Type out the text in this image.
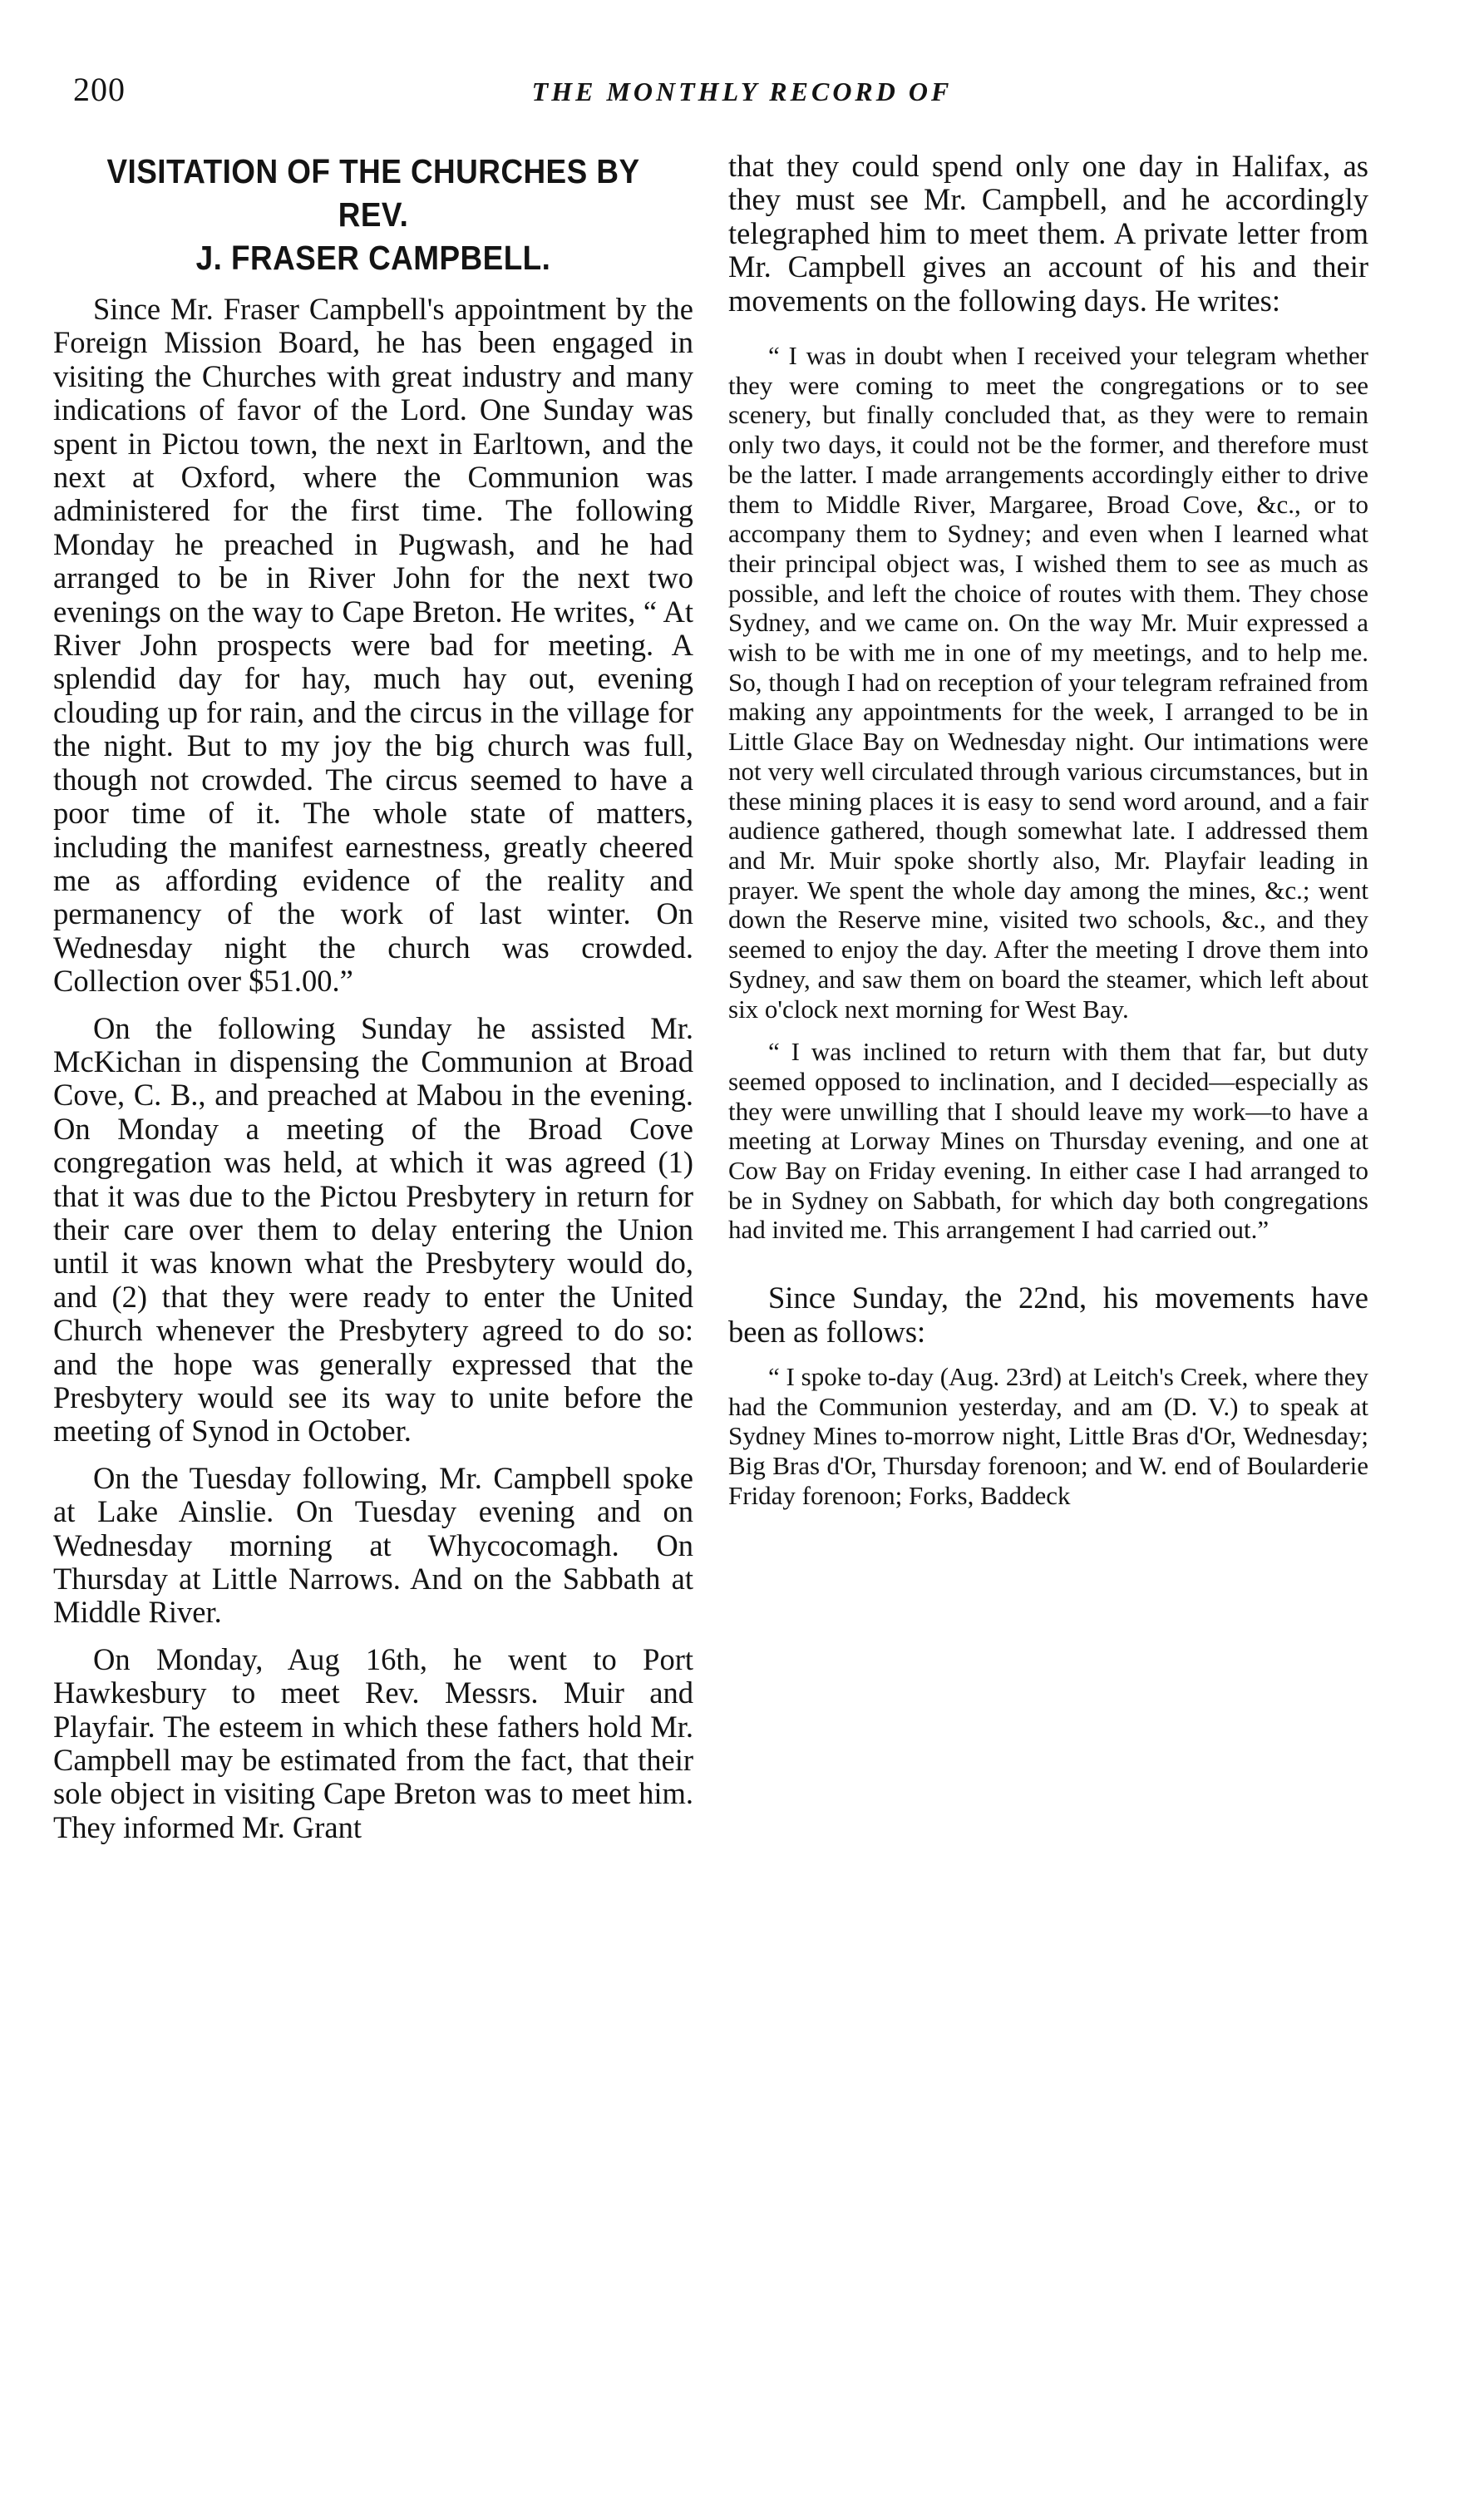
200	THE MONTHLY RECORD OF
VISITATION OF THE CHURCHES BY REV.
J. FRASER CAMPBELL.

Since Mr. Fraser Campbell's appointment by the Foreign Mission Board, he has been engaged in visiting the Churches with great industry and many indications of favor of the Lord. One Sunday was spent in Pictou town, the next in Earltown, and the next at Oxford, where the Communion was administered for the first time. The following Monday he preached in Pugwash, and he had arranged to be in River John for the next two evenings on the way to Cape Breton. He writes, “ At River John prospects were bad for meeting. A splendid day for hay, much hay out, evening clouding up for rain, and the circus in the village for the night. But to my joy the big church was full, though not crowded. The circus seemed to have a poor time of it. The whole state of matters, including the manifest earnestness, greatly cheered me as affording evidence of the reality and permanency of the work of last winter. On Wednesday night the church was crowded. Collection over $51.00.”

On the following Sunday he assisted Mr. McKichan in dispensing the Communion at Broad Cove, C. B., and preached at Mabou in the evening. On Monday a meeting of the Broad Cove congregation was held, at which it was agreed (1) that it was due to the Pictou Presbytery in return for their care over them to delay entering the Union until it was known what the Presbytery would do, and (2) that they were ready to enter the United Church whenever the Presbytery agreed to do so: and the hope was generally expressed that the Presbytery would see its way to unite before the meeting of Synod in October.

On the Tuesday following, Mr. Campbell spoke at Lake Ainslie. On Tuesday evening and on Wednesday morning at Whycocomagh. On Thursday at Little Narrows. And on the Sabbath at Middle River.

On Monday, Aug 16th, he went to Port Hawkesbury to meet Rev. Messrs. Muir and Playfair. The esteem in which these fathers hold Mr. Campbell may be estimated from the fact, that their sole object in visiting Cape Breton was to meet him. They informed Mr. Grant

that they could spend only one day in Halifax, as they must see Mr. Campbell, and he accordingly telegraphed him to meet them. A private letter from Mr. Campbell gives an account of his and their movements on the following days. He writes:

“ I was in doubt when I received your telegram whether they were coming to meet the congregations or to see scenery, but finally concluded that, as they were to remain only two days, it could not be the former, and therefore must be the latter. I made arrangements accordingly either to drive them to Middle River, Margaree, Broad Cove, &c., or to accompany them to Sydney; and even when I learned what their principal object was, I wished them to see as much as possible, and left the choice of routes with them. They chose Sydney, and we came on. On the way Mr. Muir expressed a wish to be with me in one of my meetings, and to help me. So, though I had on reception of your telegram refrained from making any appointments for the week, I arranged to be in Little Glace Bay on Wednesday night. Our intimations were not very well circulated through various circumstances, but in these mining places it is easy to send word around, and a fair audience gathered, though somewhat late. I addressed them and Mr. Muir spoke shortly also, Mr. Playfair leading in prayer. We spent the whole day among the mines, &c.; went down the Reserve mine, visited two schools, &c., and they seemed to enjoy the day. After the meeting I drove them into Sydney, and saw them on board the steamer, which left about six o'clock next morning for West Bay.

“ I was inclined to return with them that far, but duty seemed opposed to inclination, and I decided—especially as they were unwilling that I should leave my work—to have a meeting at Lorway Mines on Thursday evening, and one at Cow Bay on Friday evening. In either case I had arranged to be in Sydney on Sabbath, for which day both congregations had invited me. This arrangement I had carried out.”

Since Sunday, the 22nd, his movements have been as follows:

“ I spoke to-day (Aug. 23rd) at Leitch's Creek, where they had the Communion yesterday, and am (D. V.) to speak at Sydney Mines to-morrow night, Little Bras d'Or, Wednesday; Big Bras d'Or, Thursday forenoon; and W. end of Boularderie Friday forenoon; Forks, Baddeck
